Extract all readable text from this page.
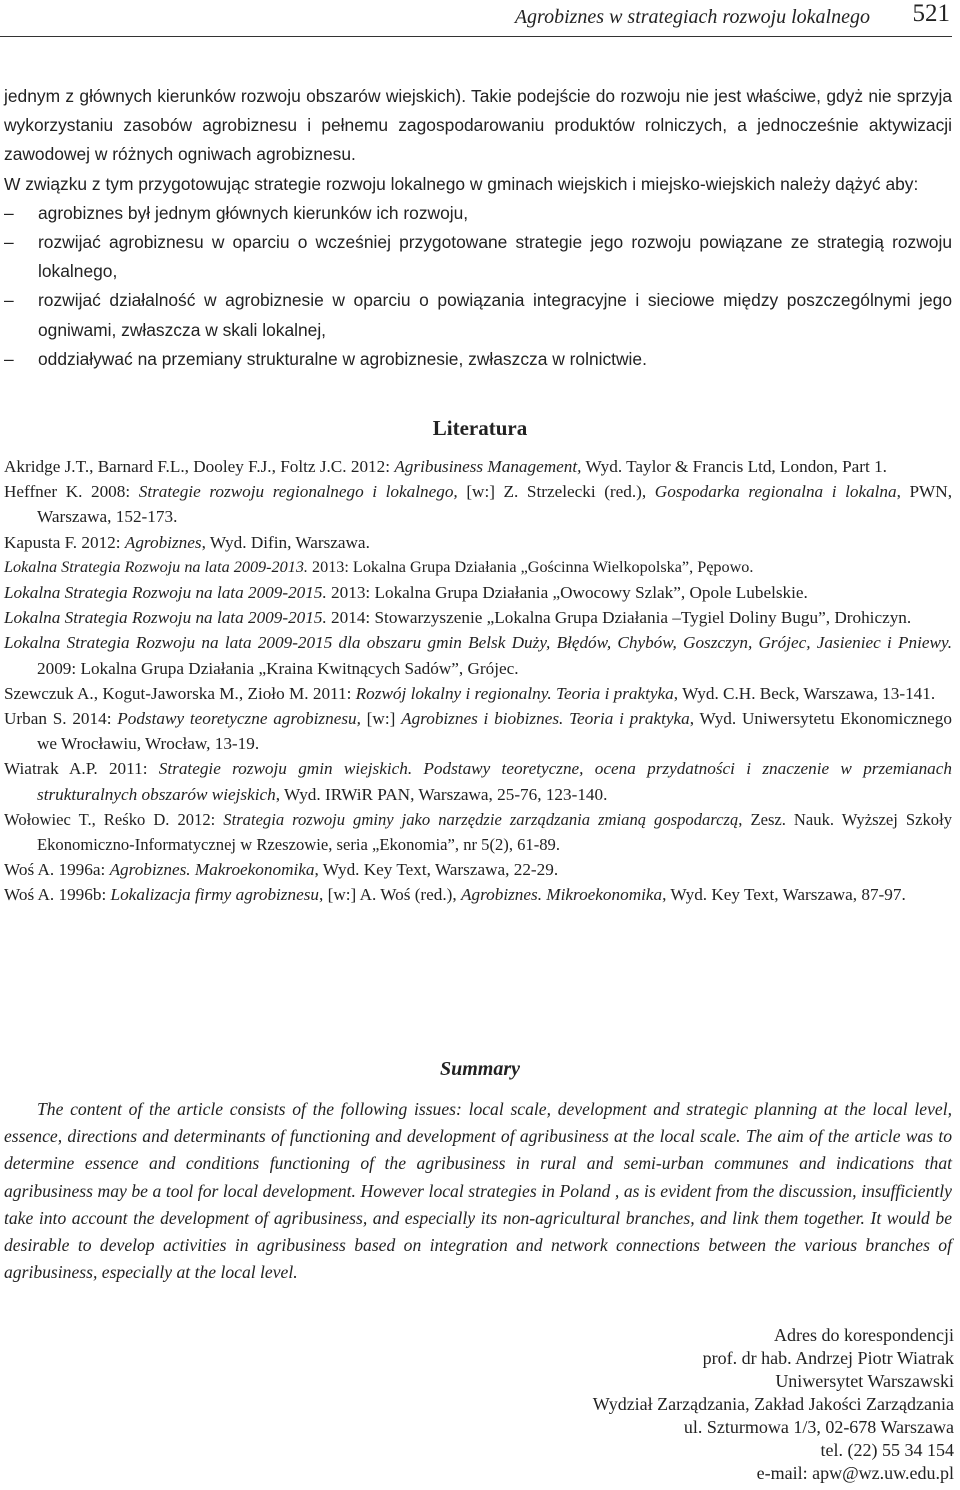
Agrobiznes w strategiach rozwoju lokalnego 521

jednym z głównych kierunków rozwoju obszarów wiejskich). Takie podejście do rozwoju nie jest właściwe, gdyż nie sprzyja wykorzystaniu zasobów agrobiznesu i pełnemu zagospodarowaniu produktów rolniczych, a jednocześnie aktywizacji zawodowej w różnych ogniwach agrobiznesu.

W związku z tym przygotowując strategie rozwoju lokalnego w gminach wiejskich i miejsko-wiejskich należy dążyć aby:

– agrobiznes był jednym głównych kierunków ich rozwoju,
– rozwijać agrobiznesu w oparciu o wcześniej przygotowane strategie jego rozwoju powiązane ze strategią rozwoju lokalnego,
– rozwijać działalność w agrobiznesie w oparciu o powiązania integracyjne i sieciowe między poszczególnymi jego ogniwami, zwłaszcza w skali lokalnej,
– oddziaływać na przemiany strukturalne w agrobiznesie, zwłaszcza w rolnictwie.
Literatura

Akridge J.T., Barnard F.L., Dooley F.J., Foltz J.C. 2012: Agribusiness Management, Wyd. Taylor & Francis Ltd, London, Part 1.

Heffner K. 2008: Strategie rozwoju regionalnego i lokalnego, [w:] Z. Strzelecki (red.), Gospodarka regionalna i lokalna, PWN, Warszawa, 152-173.

Kapusta F. 2012: Agrobiznes, Wyd. Difin, Warszawa.

Lokalna Strategia Rozwoju na lata 2009-2013. 2013: Lokalna Grupa Działania „Gościnna Wielkopolska”, Pępowo.

Lokalna Strategia Rozwoju na lata 2009-2015. 2013: Lokalna Grupa Działania „Owocowy Szlak”, Opole Lubelskie.

Lokalna Strategia Rozwoju na lata 2009-2015. 2014: Stowarzyszenie „Lokalna Grupa Działania –Tygiel Doliny Bugu”, Drohiczyn.

Lokalna Strategia Rozwoju na lata 2009-2015 dla obszaru gmin Belsk Duży, Błędów, Chybów, Goszczyn, Grójec, Jasieniec i Pniewy. 2009: Lokalna Grupa Działania „Kraina Kwitnących Sadów”, Grójec.

Szewczuk A., Kogut-Jaworska M., Zioło M. 2011: Rozwój lokalny i regionalny. Teoria i praktyka, Wyd. C.H. Beck, Warszawa, 13-141.

Urban S. 2014: Podstawy teoretyczne agrobiznesu, [w:] Agrobiznes i biobiznes. Teoria i praktyka, Wyd. Uniwersytetu Ekonomicznego we Wrocławiu, Wrocław, 13-19.

Wiatrak A.P. 2011: Strategie rozwoju gmin wiejskich. Podstawy teoretyczne, ocena przydatności i znaczenie w przemianach strukturalnych obszarów wiejskich, Wyd. IRWiR PAN, Warszawa, 25-76, 123-140.

Wołowiec T., Reśko D. 2012: Strategia rozwoju gminy jako narzędzie zarządzania zmianą gospodarczą, Zesz. Nauk. Wyższej Szkoły Ekonomiczno-Informatycznej w Rzeszowie, seria „Ekonomia”, nr 5(2), 61-89.

Woś A. 1996a: Agrobiznes. Makroekonomika, Wyd. Key Text, Warszawa, 22-29.

Woś A. 1996b: Lokalizacja firmy agrobiznesu, [w:] A. Woś (red.), Agrobiznes. Mikroekonomika, Wyd. Key Text, Warszawa, 87-97.

Summary

The content of the article consists of the following issues: local scale, development and strategic planning at the local level, essence, directions and determinants of functioning and development of agribusiness at the local scale. The aim of the article was to determine essence and conditions functioning of the agribusiness in rural and semi-urban communes and indications that agribusiness may be a tool for local development. However local strategies in Poland , as is evident from the discussion, insufficiently take into account the development of agribusiness, and especially its non-agricultural branches, and link them together. It would be desirable to develop activities in agribusiness based on integration and network connections between the various branches of agribusiness, especially at the local level.

Adres do korespondencji
prof. dr hab. Andrzej Piotr Wiatrak
Uniwersytet Warszawski
Wydział Zarządzania, Zakład Jakości Zarządzania
ul. Szturmowa 1/3, 02-678 Warszawa
tel. (22) 55 34 154
e-mail: apw@wz.uw.edu.pl
